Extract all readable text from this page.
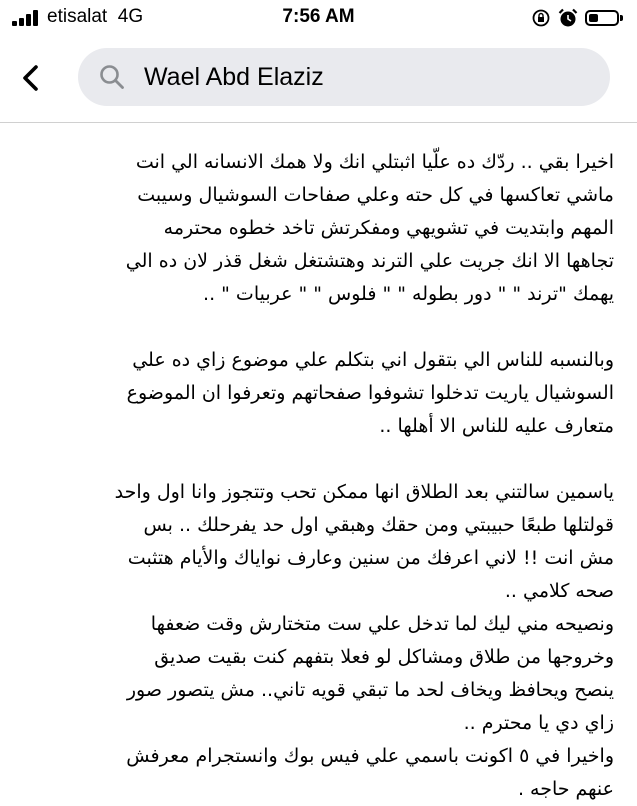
etisalat 4G	7:56 AM
Wael Abd Elaziz

اخيرا بقي .. ردّك ده علّيا اثبتلي انك ولا همك الانسانه الي انت
ماشي تعاكسها في كل حته وعلي صفاحات السوشيال وسيبت
المهم وابتديت في تشويهي ومفكرتش تاخد خطوه محترمه
تجاهها الا انك جريت علي الترند وهتشتغل شغل قذر لان ده الي
يهمك "ترند " " دور بطوله " " فلوس " " عربيات " ..

وبالنسبه للناس الي بتقول اني بتكلم علي موضوع زاي ده علي
السوشيال ياريت تدخلوا تشوفوا صفحاتهم وتعرفوا ان الموضوع
متعارف عليه للناس الا أهلها ..

ياسمين سالتني بعد الطلاق انها ممكن تحب وتتجوز وانا اول واحد
قولتلها طبعًا حبيبتي ومن حقك وهبقي اول حد يفرحلك .. بس
مش انت !! لاني اعرفك من سنين وعارف نواياك والأيام هتثبت
صحه كلامي ..
ونصيحه مني ليك لما تدخل علي ست متختارش وقت ضعفها
وخروجها من طلاق ومشاكل لو فعلا بتفهم كنت بقيت صديق
ينصح ويحافظ ويخاف لحد ما تبقي قويه تاني.. مش يتصور صور
زاي دي يا محترم ..
واخيرا في ٥ اكونت باسمي علي فيس بوك وانستجرام معرفش
عنهم حاجه .
